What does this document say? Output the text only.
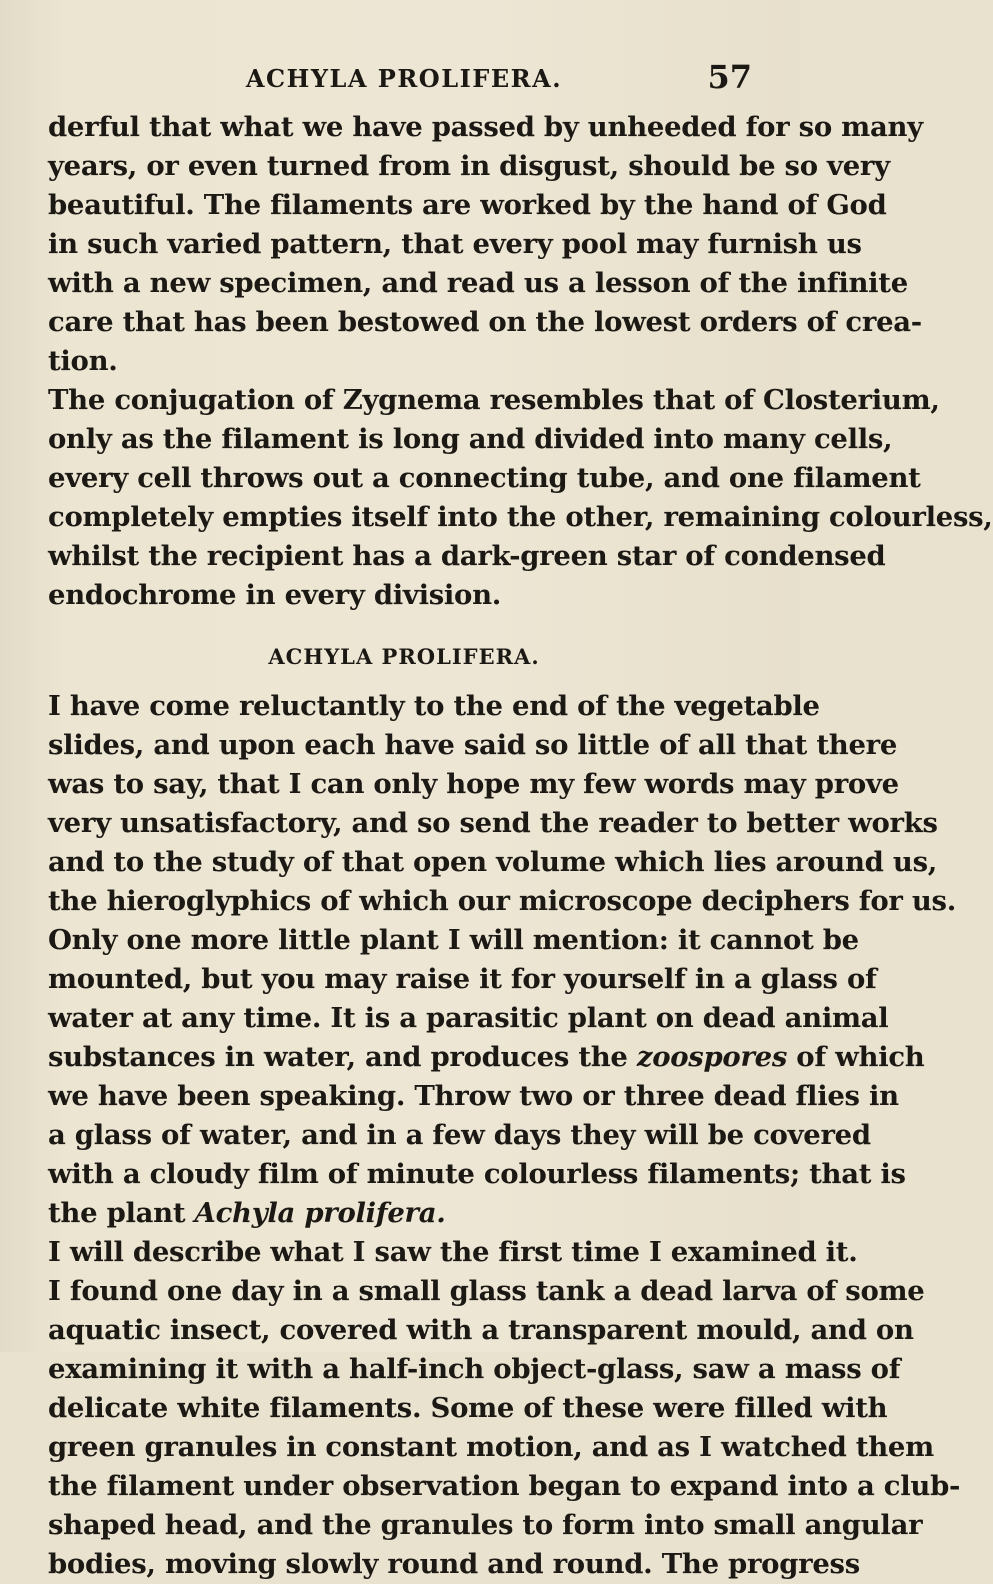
ACHYLA PROLIFERA.	57
derful that what we have passed by unheeded for so many
years, or even turned from in disgust, should be so very
beautiful. The filaments are worked by the hand of God
in such varied pattern, that every pool may furnish us
with a new specimen, and read us a lesson of the infinite
care that has been bestowed on the lowest orders of crea-
tion.
The conjugation of Zygnema resembles that of Closterium,
only as the filament is long and divided into many cells,
every cell throws out a connecting tube, and one filament
completely empties itself into the other, remaining colourless,
whilst the recipient has a dark-green star of condensed
endochrome in every division.
ACHYLA PROLIFERA.
I have come reluctantly to the end of the vegetable
slides, and upon each have said so little of all that there
was to say, that I can only hope my few words may prove
very unsatisfactory, and so send the reader to better works
and to the study of that open volume which lies around us,
the hieroglyphics of which our microscope deciphers for us.
Only one more little plant I will mention: it cannot be
mounted, but you may raise it for yourself in a glass of
water at any time. It is a parasitic plant on dead animal
substances in water, and produces the zoospores of which
we have been speaking. Throw two or three dead flies in
a glass of water, and in a few days they will be covered
with a cloudy film of minute colourless filaments; that is
the plant Achyla prolifera.
I will describe what I saw the first time I examined it.
I found one day in a small glass tank a dead larva of some
aquatic insect, covered with a transparent mould, and on
examining it with a half-inch object-glass, saw a mass of
delicate white filaments. Some of these were filled with
green granules in constant motion, and as I watched them
the filament under observation began to expand into a club-
shaped head, and the granules to form into small angular
bodies, moving slowly round and round. The progress
